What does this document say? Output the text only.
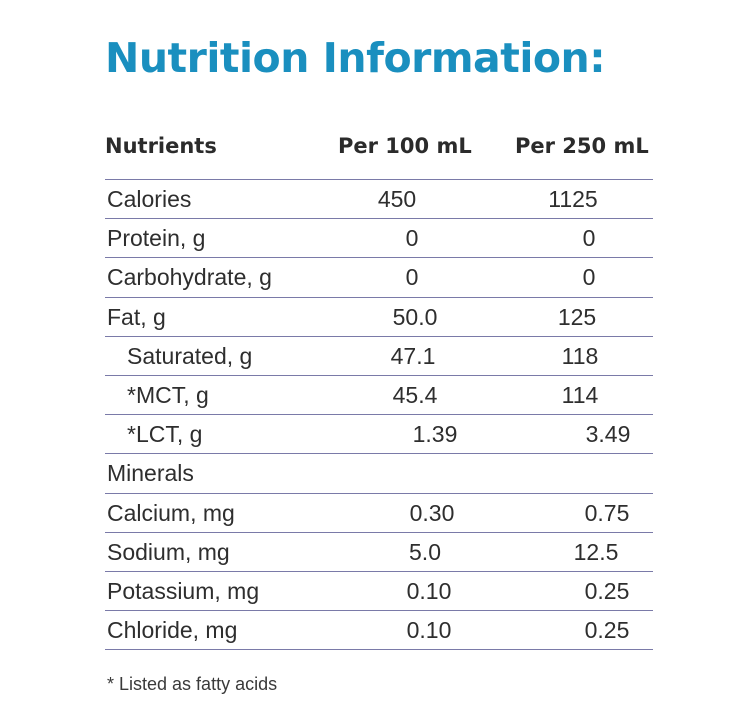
Nutrition Information:
Nutrients	Per 100 mL Per 250 mL
Calories	450	1125
Protein, g	0	0
Carbohydrate, g	0	0
Fat, g	50.0	125
Saturated, g	47.1	118
*MCT, g	45.4	114
*LCT, g	1.39	3.49
Minerals
Calcium, mg	0.30	0.75
Sodium, mg	5.0	12.5
Potassium, mg	0.10	0.25
Chloride, mg	0.10	0.25

* Listed as fatty acids
